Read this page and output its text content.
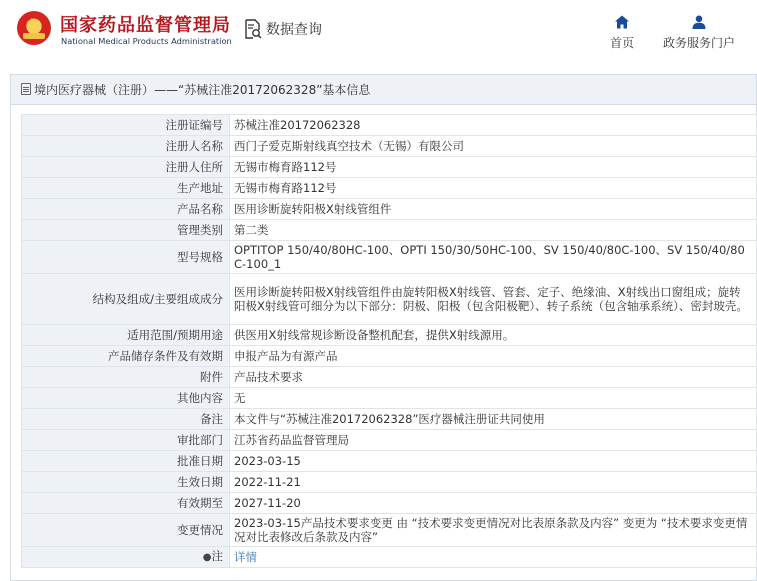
★ 国家药品监督管理局
National Medical Products Administration
数据查询
首页	政务服务门户
境内医疗器械（注册）——“苏械注准20172062328”基本信息
注册证编号	苏械注准20172062328
注册人名称	西门子爱克斯射线真空技术（无锡）有限公司
注册人住所	无锡市梅育路112号
生产地址	无锡市梅育路112号
产品名称	医用诊断旋转阳极X射线管组件
管理类别	第二类
型号规格	OPTITOP 150/40/80HC-100、OPTI 150/30/50HC-100、SV 150/40/80C-100、SV 150/40/80C-100_1
结构及组成/主要组成成分	医用诊断旋转阳极X射线管组件由旋转阳极X射线管、管套、定子、绝缘油、X射线出口窗组成；旋转阳极X射线管可细分为以下部分：阴极、阳极（包含阳极靶）、转子系统（包含轴承系统）、密封玻壳。
适用范围/预期用途	供医用X射线常规诊断设备整机配套，提供X射线源用。
产品储存条件及有效期	申报产品为有源产品
附件	产品技术要求
其他内容	无
备注	本文件与“苏械注准20172062328”医疗器械注册证共同使用
审批部门	江苏省药品监督管理局
批准日期	2023-03-15
生效日期	2022-11-21
有效期至	2027-11-20
变更情况	2023-03-15产品技术要求变更 由 “技术要求变更情况对比表原条款及内容” 变更为 “技术要求变更情况对比表修改后条款及内容”
●注	详情
